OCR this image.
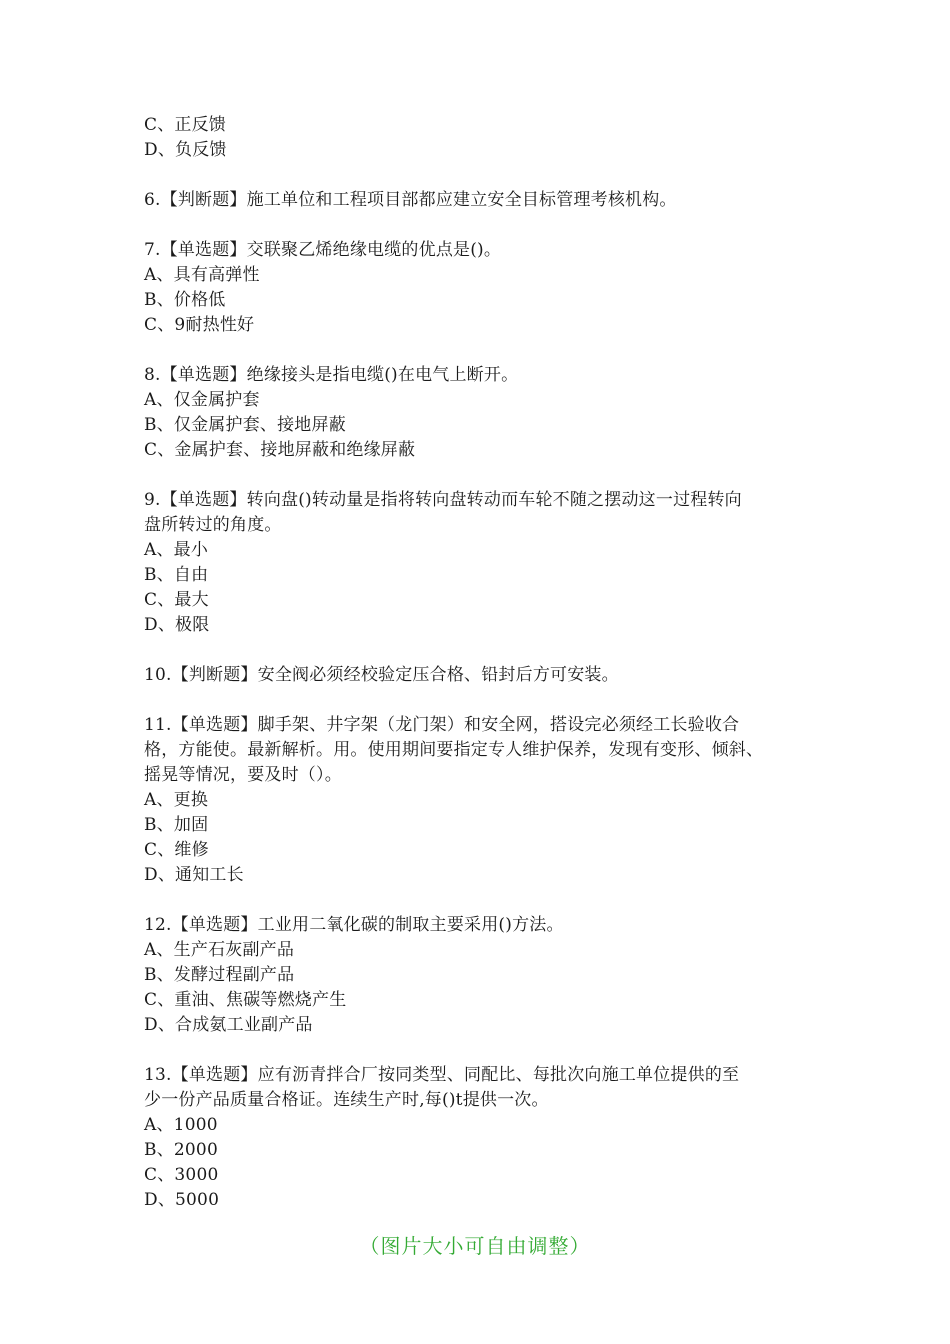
C、正反馈
D、负反馈
6.【判断题】施工单位和工程项目部都应建立安全目标管理考核机构。
7.【单选题】交联聚乙烯绝缘电缆的优点是()。
A、具有高弹性
B、价格低
C、9耐热性好
8.【单选题】绝缘接头是指电缆()在电气上断开。
A、仅金属护套
B、仅金属护套、接地屏蔽
C、金属护套、接地屏蔽和绝缘屏蔽
9.【单选题】转向盘()转动量是指将转向盘转动而车轮不随之摆动这一过程转向
盘所转过的角度。
A、最小
B、自由
C、最大
D、极限
10.【判断题】安全阀必须经校验定压合格、铅封后方可安装。
11.【单选题】脚手架、井字架（龙门架）和安全网，搭设完必须经工长验收合
格，方能使。最新解析。用。使用期间要指定专人维护保养，发现有变形、倾斜、
摇晃等情况，要及时（）。
A、更换
B、加固
C、维修
D、通知工长
12.【单选题】工业用二氧化碳的制取主要采用()方法。
A、生产石灰副产品
B、发酵过程副产品
C、重油、焦碳等燃烧产生
D、合成氨工业副产品
13.【单选题】应有沥青拌合厂按同类型、同配比、每批次向施工单位提供的至
少一份产品质量合格证。连续生产时,每()t提供一次。
A、1000
B、2000
C、3000
D、5000
（图片大小可自由调整）
